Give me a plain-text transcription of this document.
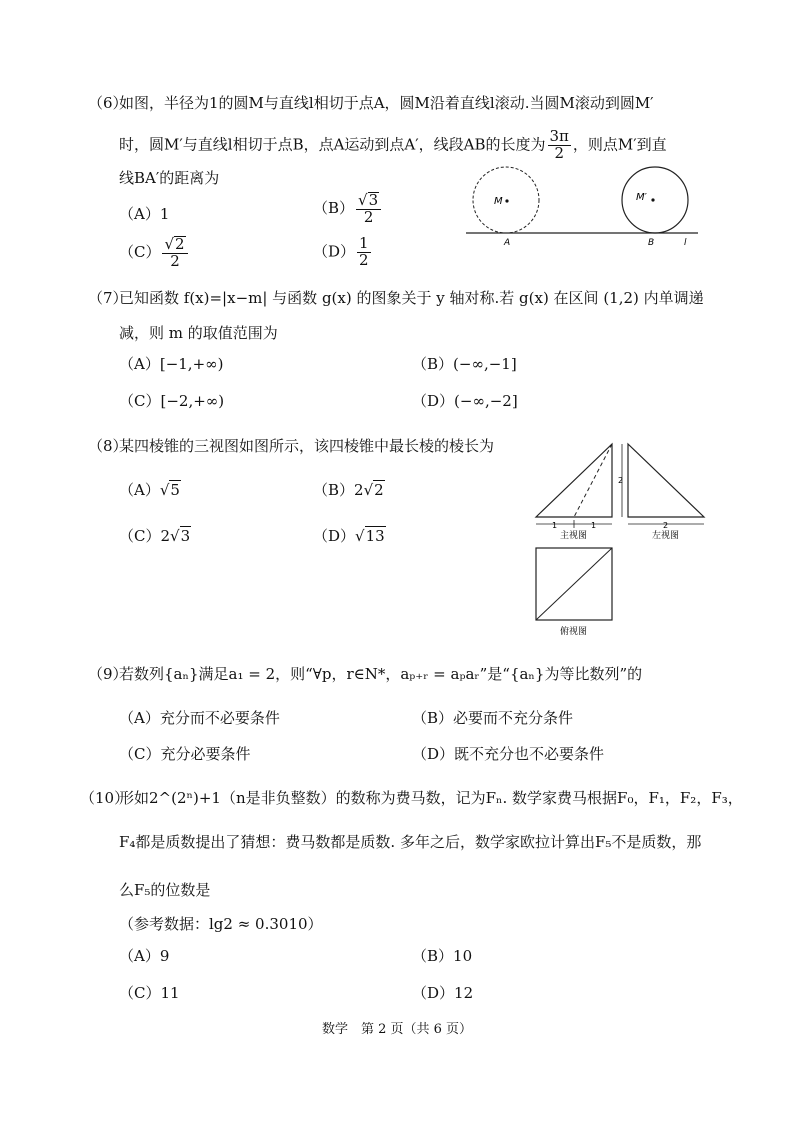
（6）
如图，半径为1的圆M与直线l相切于点A，圆M沿着直线l滚动.当圆M滚动到圆M′
时，圆M′与直线l相切于点B，点A运动到点A′，线段AB的长度为 $\frac{3\pi}{2}$ ，则点M′到直
线BA′的距离为
（A）1	$(B) \frac{√3}{2}$
$(C) \frac{√2}{2}$	$(D) \frac{1}{2}$
M	M′
A	B	l
（7）
已知函数 f(x)=|x−m| 与函数 g(x) 的图象关于 y 轴对称.若 g(x) 在区间 (1,2) 内单调递
减，则 m 的取值范围为
（A）[−1,+∞)	（B）(−∞,−1]
（C）[−2,+∞)	（D）(−∞,−2]
（8）
某四棱锥的三视图如图所示，该四棱锥中最长棱的棱长为
（A）√5	（B）2√2
（C）2√3	（D）√13
1	1
主视图
2
2
左视图
俯视图
（9）
若数列{aₙ}满足a₁ = 2，则“∀p，r∈N*，aₚ₊ᵣ = aₚaᵣ”是“{aₙ}为等比数列”的
（A）充分而不必要条件	（B）必要而不充分条件
（C）充分必要条件	（D）既不充分也不必要条件
（10）
形如2^(2ⁿ)+1（n是非负整数）的数称为费马数，记为Fₙ. 数学家费马根据F₀，F₁，F₂，F₃，
F₄都是质数提出了猜想：费马数都是质数. 多年之后，数学家欧拉计算出F₅不是质数，那
么F₅的位数是
（参考数据：lg2 ≈ 0.3010）
（A）9	（B）10
（C）11	（D）12
数学　第 2 页（共 6 页）
